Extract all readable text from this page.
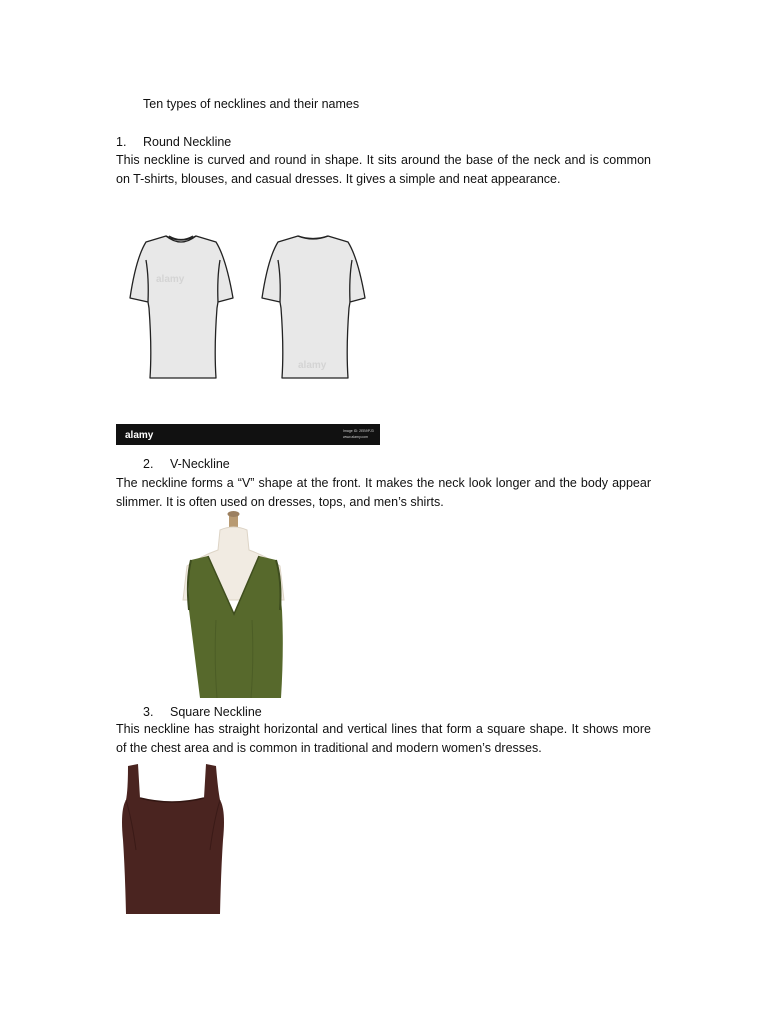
Ten types of necklines and their names
1. Round Neckline
This neckline is curved and round in shape. It sits around the base of the neck and is common on T-shirts, blouses, and casual dresses. It gives a simple and neat appearance.
alamy
alamy
alamy	Image ID: 2EB9PJ3
www.alamy.com
2. V-Neckline
The neckline forms a “V” shape at the front. It makes the neck look longer and the body appear slimmer. It is often used on dresses, tops, and men’s shirts.
3. Square Neckline
This neckline has straight horizontal and vertical lines that form a square shape. It shows more of the chest area and is common in traditional and modern women’s dresses.
